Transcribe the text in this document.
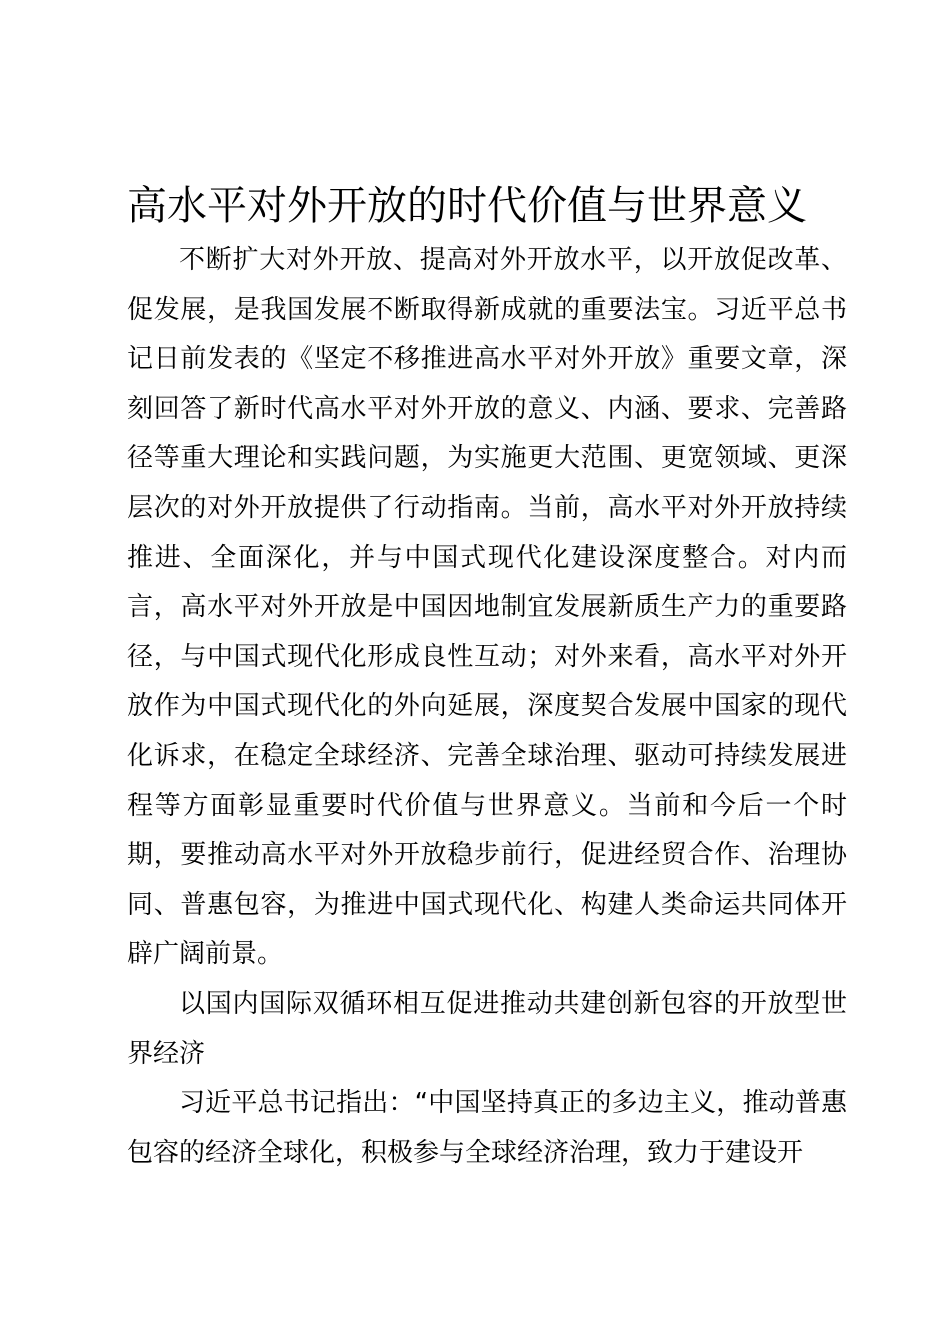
高水平对外开放的时代价值与世界意义

不断扩大对外开放、提高对外开放水平，以开放促改革、促发展，是我国发展不断取得新成就的重要法宝。习近平总书记日前发表的《坚定不移推进高水平对外开放》重要文章，深刻回答了新时代高水平对外开放的意义、内涵、要求、完善路径等重大理论和实践问题，为实施更大范围、更宽领域、更深层次的对外开放提供了行动指南。当前，高水平对外开放持续推进、全面深化，并与中国式现代化建设深度整合。对内而言，高水平对外开放是中国因地制宜发展新质生产力的重要路径，与中国式现代化形成良性互动；对外来看，高水平对外开放作为中国式现代化的外向延展，深度契合发展中国家的现代化诉求，在稳定全球经济、完善全球治理、驱动可持续发展进程等方面彰显重要时代价值与世界意义。当前和今后一个时期，要推动高水平对外开放稳步前行，促进经贸合作、治理协同、普惠包容，为推进中国式现代化、构建人类命运共同体开辟广阔前景。

以国内国际双循环相互促进推动共建创新包容的开放型世界经济

习近平总书记指出：“中国坚持真正的多边主义，推动普惠包容的经济全球化，积极参与全球经济治理，致力于建设开
